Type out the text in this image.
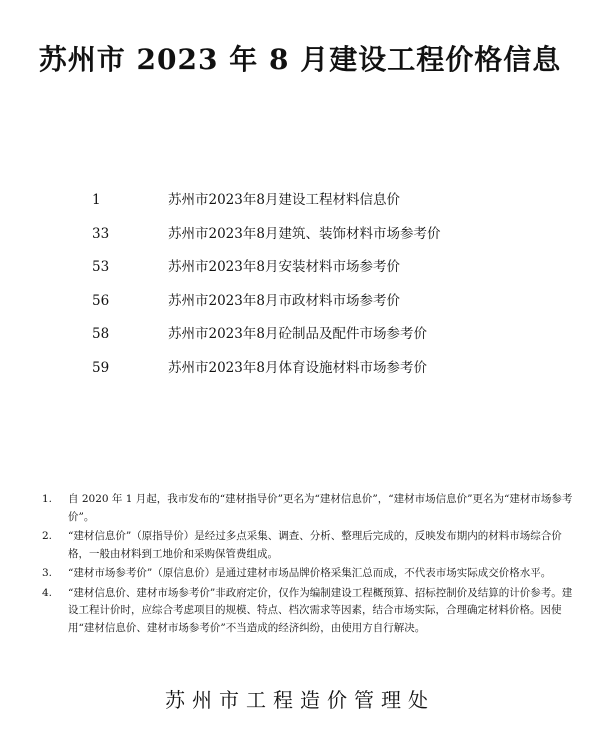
苏州市 2023 年 8 月建设工程价格信息
1	苏州市2023年8月建设工程材料信息价
33	苏州市2023年8月建筑、装饰材料市场参考价
53	苏州市2023年8月安装材料市场参考价
56	苏州市2023年8月市政材料市场参考价
58	苏州市2023年8月砼制品及配件市场参考价
59	苏州市2023年8月体育设施材料市场参考价
1.	自 2020 年 1 月起，我市发布的“建材指导价”更名为“建材信息价”，“建材市场信息价”更名为“建材市场参考价”。
2.	“建材信息价”（原指导价）是经过多点采集、调查、分析、整理后完成的，反映发布期内的材料市场综合价格，一般由材料到工地价和采购保管费组成。
3.	“建材市场参考价”（原信息价）是通过建材市场品牌价格采集汇总而成，不代表市场实际成交价格水平。
4.	“建材信息价、建材市场参考价”非政府定价，仅作为编制建设工程概预算、招标控制价及结算的计价参考。建设工程计价时，应综合考虑项目的规模、特点、档次需求等因素，结合市场实际，合理确定材料价格。因使用“建材信息价、建材市场参考价”不当造成的经济纠纷，由使用方自行解决。
苏州市工程造价管理处
